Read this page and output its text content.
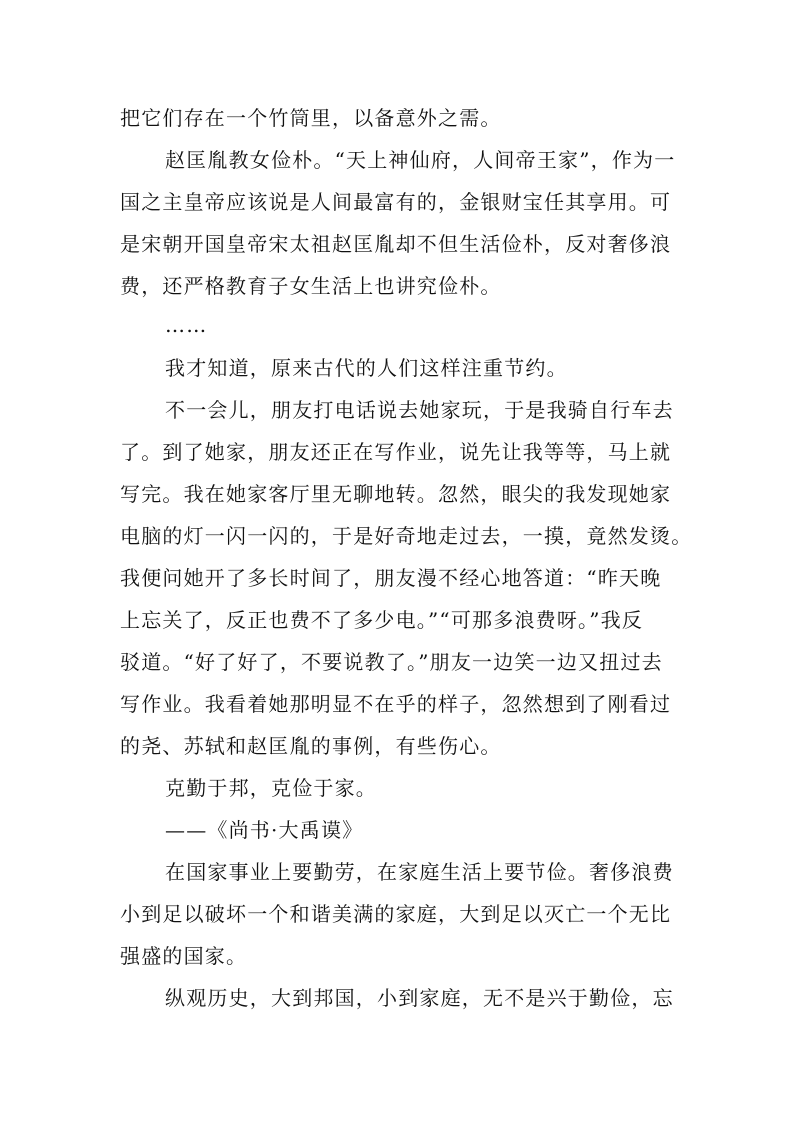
把它们存在一个竹筒里，以备意外之需。
赵匡胤教女俭朴。“天上神仙府，人间帝王家”，作为一
国之主皇帝应该说是人间最富有的，金银财宝任其享用。可
是宋朝开国皇帝宋太祖赵匡胤却不但生活俭朴，反对奢侈浪
费，还严格教育子女生活上也讲究俭朴。
……
我才知道，原来古代的人们这样注重节约。
不一会儿，朋友打电话说去她家玩，于是我骑自行车去
了。到了她家，朋友还正在写作业，说先让我等等，马上就
写完。我在她家客厅里无聊地转。忽然，眼尖的我发现她家
电脑的灯一闪一闪的，于是好奇地走过去，一摸，竟然发烫。
我便问她开了多长时间了，朋友漫不经心地答道：“昨天晚
上忘关了，反正也费不了多少电。”“可那多浪费呀。”我反
驳道。“好了好了，不要说教了。”朋友一边笑一边又扭过去
写作业。我看着她那明显不在乎的样子，忽然想到了刚看过
的尧、苏轼和赵匡胤的事例，有些伤心。
克勤于邦，克俭于家。
——《尚书·大禹谟》
在国家事业上要勤劳，在家庭生活上要节俭。奢侈浪费
小到足以破坏一个和谐美满的家庭，大到足以灭亡一个无比
强盛的国家。
纵观历史，大到邦国，小到家庭，无不是兴于勤俭，忘
